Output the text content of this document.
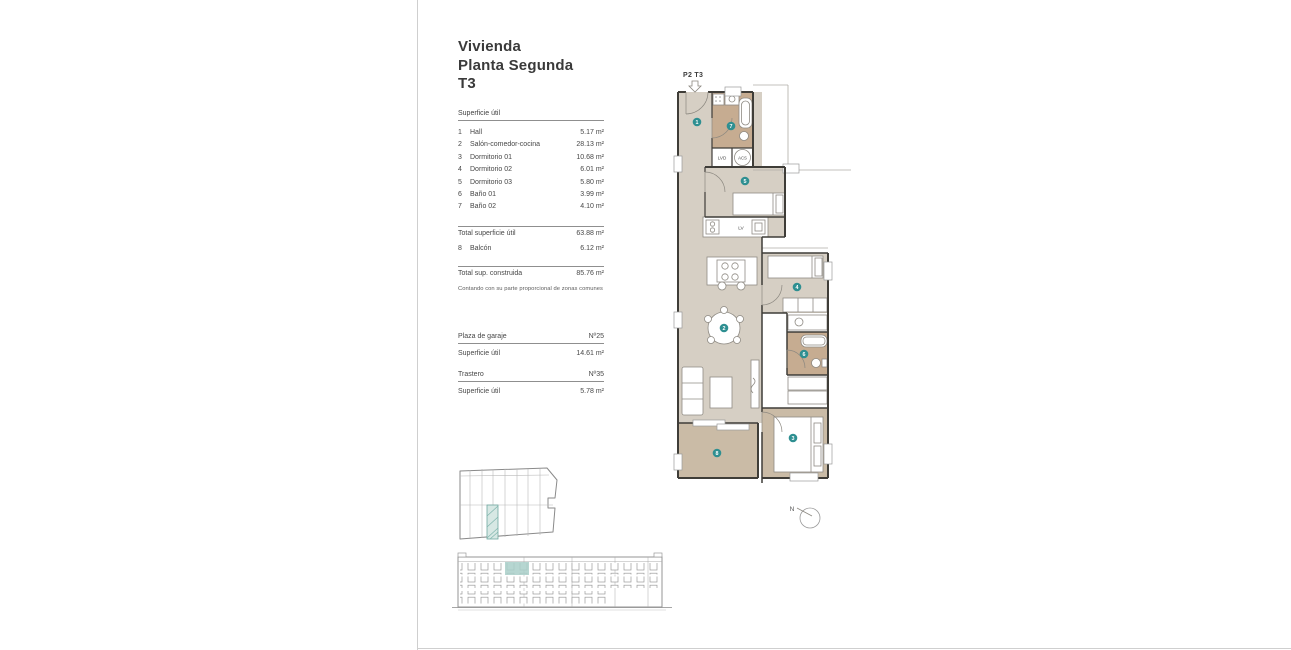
Vivienda
Planta Segunda
T3
Superficie útil
1	Hall	5.17 m²
2	Salón-comedor-cocina	28.13 m²
3	Dormitorio 01	10.68 m²
4	Dormitorio 02	6.01 m²
5	Dormitorio 03	5.80 m²
6	Baño 01	3.99 m²
7	Baño 02	4.10 m²
Total superficie útil	63.88 m²
8	Balcón	6.12 m²
Total sup. construida	85.76 m²
Contando con su parte proporcional de zonas comunes
Plaza de garaje	Nº25
Superficie útil	14.61 m²
Trastero	Nº35
Superficie útil	5.78 m²
LVD	ACS
LV
1
2
3
4
5
6
7
8
P2 T3
N
